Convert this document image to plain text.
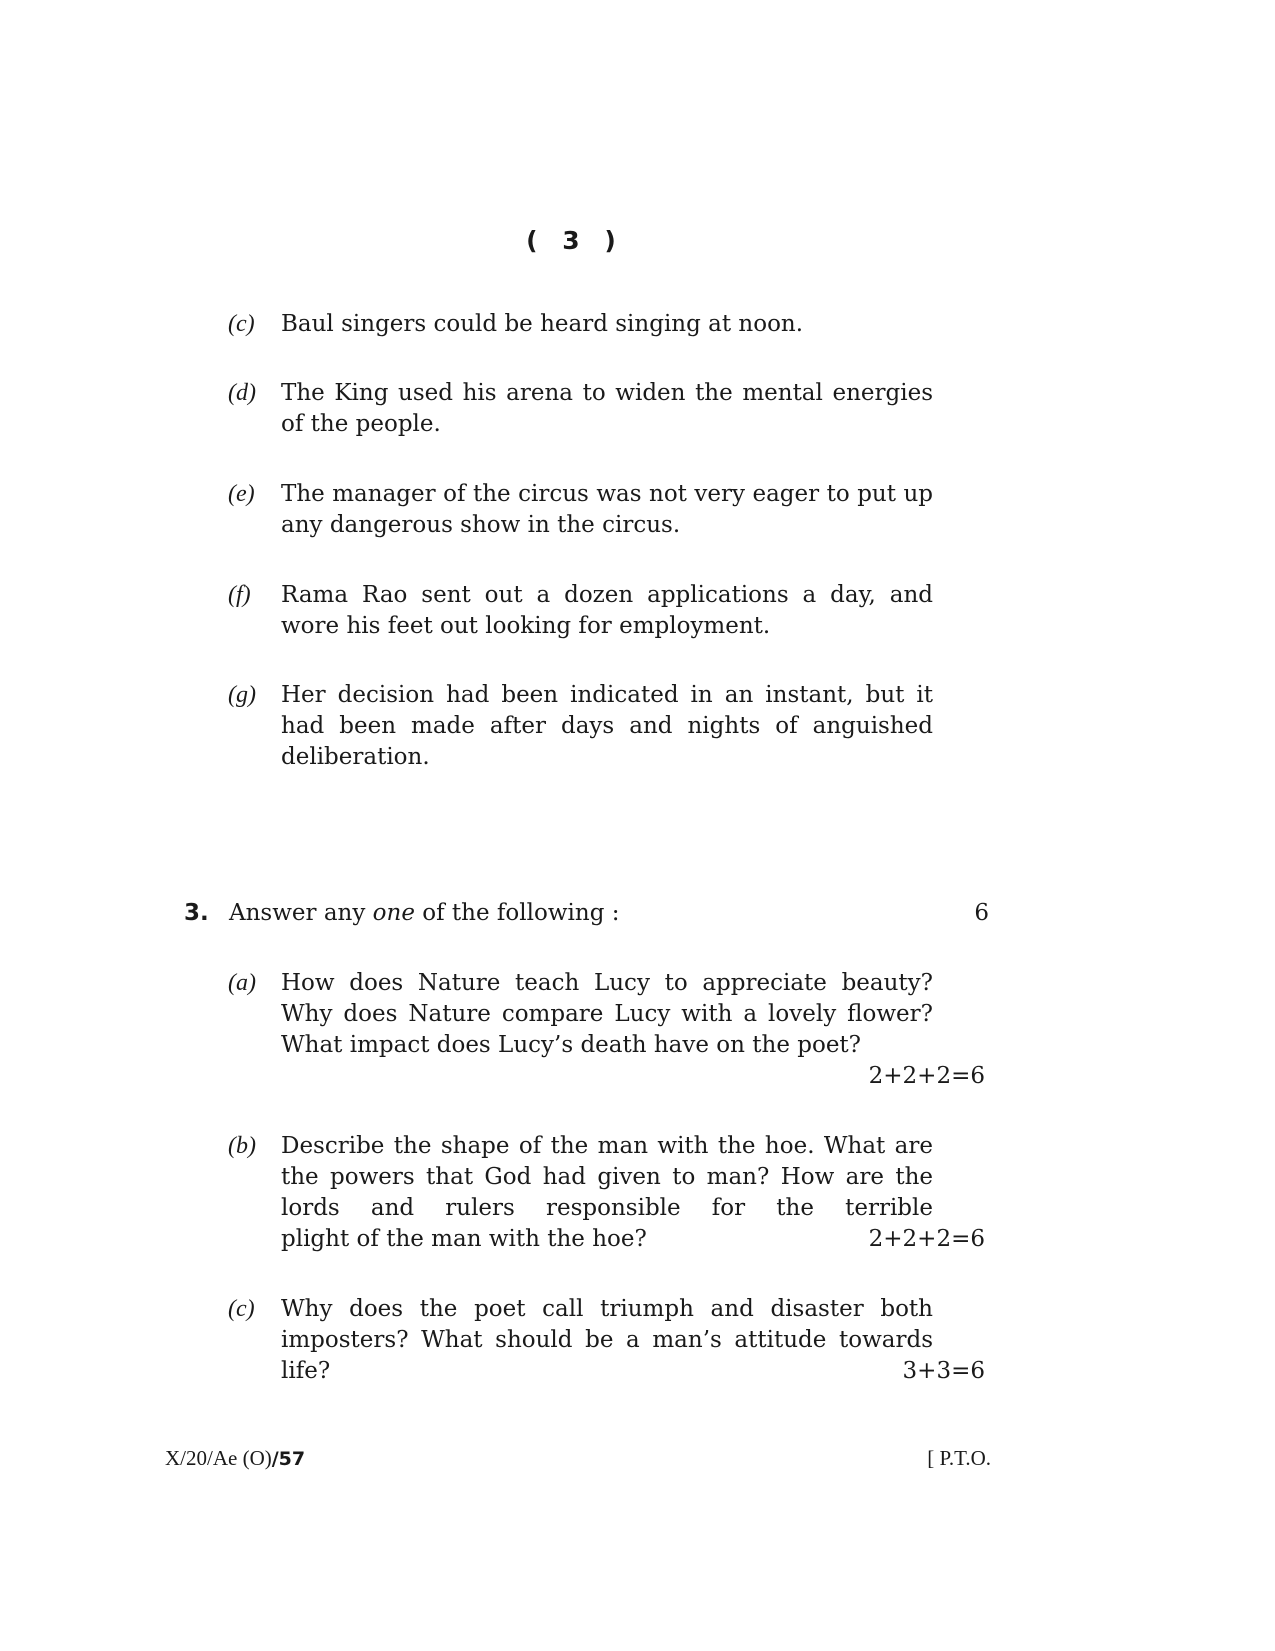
( 3 )
(c) Baul singers could be heard singing at noon.
(d) The King used his arena to widen the mental energies of the people.
(e) The manager of the circus was not very eager to put up any dangerous show in the circus.
(f) Rama Rao sent out a dozen applications a day, and wore his feet out looking for employment.
(g) Her decision had been indicated in an instant, but it had been made after days and nights of anguished deliberation.
3. Answer any one of the following :	6
(a) How does Nature teach Lucy to appreciate beauty? Why does Nature compare Lucy with a lovely flower? What impact does Lucy’s death have on the poet?
2+2+2=6
(b) Describe the shape of the man with the hoe. What are the powers that God had given to man? How are the lords and rulers responsible for the terrible
plight of the man with the hoe?	2+2+2=6
(c) Why does the poet call triumph and disaster both imposters? What should be a man’s attitude towards
life?	3+3=6
X/20/Ae (O)/57	[ P.T.O.
